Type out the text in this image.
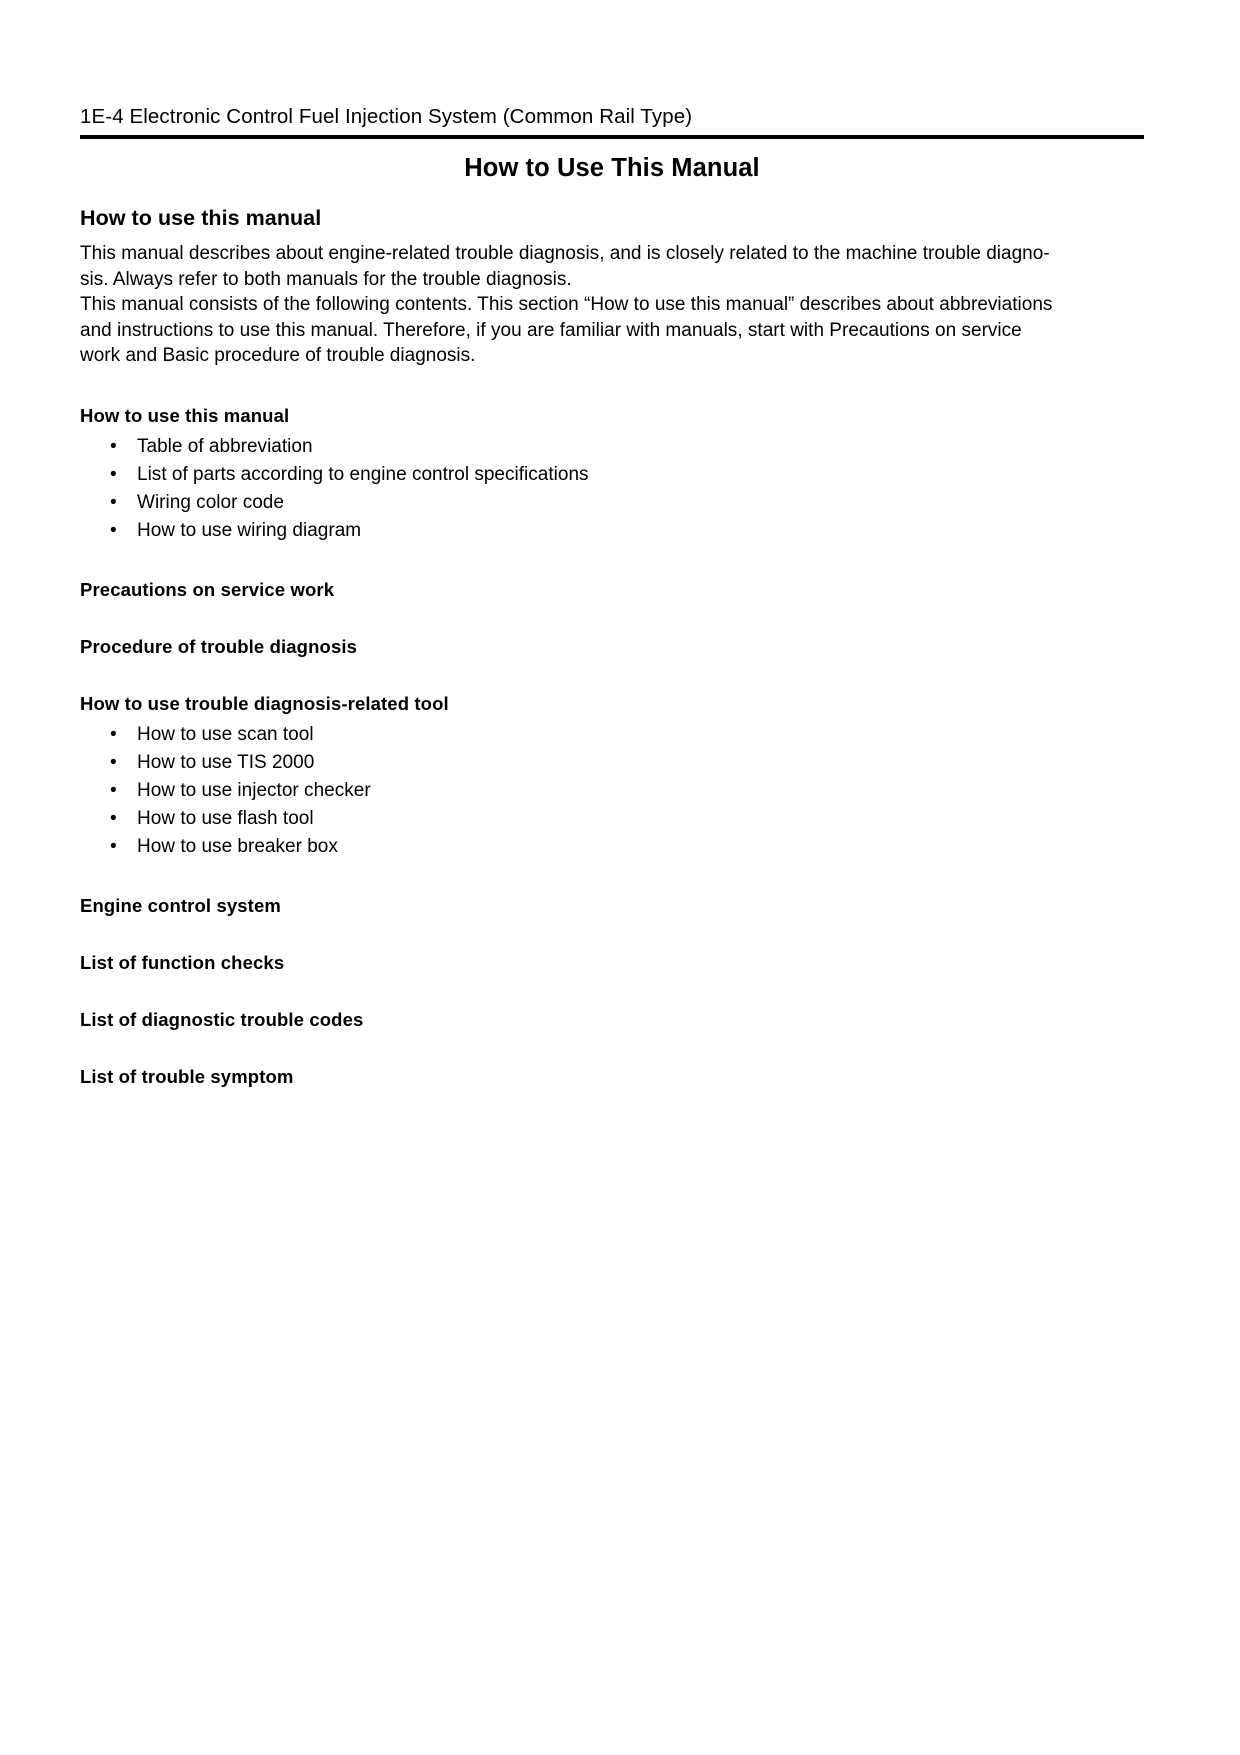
1E-4 Electronic Control Fuel Injection System (Common Rail Type)
How to Use This Manual
How to use this manual
This manual describes about engine-related trouble diagnosis, and is closely related to the machine trouble diagno-
sis. Always refer to both manuals for the trouble diagnosis.
This manual consists of the following contents. This section “How to use this manual” describes about abbreviations
and instructions to use this manual. Therefore, if you are familiar with manuals, start with Precautions on service
work and Basic procedure of trouble diagnosis.
How to use this manual
• Table of abbreviation
• List of parts according to engine control specifications
• Wiring color code
• How to use wiring diagram
Precautions on service work
Procedure of trouble diagnosis
How to use trouble diagnosis-related tool
• How to use scan tool
• How to use TIS 2000
• How to use injector checker
• How to use flash tool
• How to use breaker box
Engine control system
List of function checks
List of diagnostic trouble codes
List of trouble symptom
